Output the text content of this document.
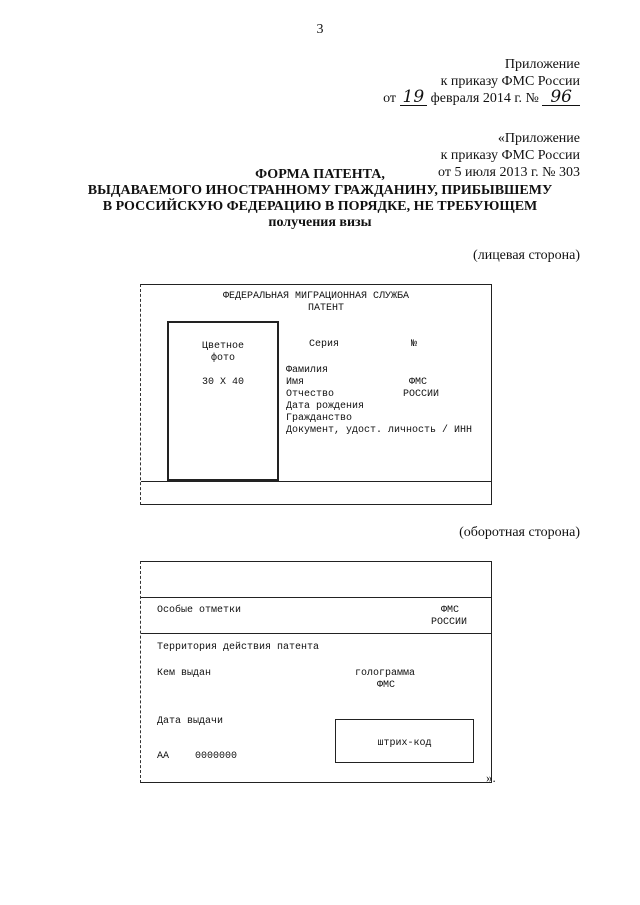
3
Приложение
к приказу ФМС России
от 19 февраля 2014 г. № 96
«Приложение
к приказу ФМС России
от 5 июля 2013 г. № 303
ФОРМА ПАТЕНТА,
ВЫДАВАЕМОГО ИНОСТРАННОМУ ГРАЖДАНИНУ, ПРИБЫВШЕМУ
В РОССИЙСКУЮ ФЕДЕРАЦИЮ В ПОРЯДКЕ, НЕ ТРЕБУЮЩЕМ
получения визы
(лицевая сторона)
ФЕДЕРАЛЬНАЯ МИГРАЦИОННАЯ СЛУЖБА
ПАТЕНТ
Цветное
фото
30 Х 40
Серия	№
Фамилия
Имя
Отчество
Дата рождения
Гражданство
Документ, удост. личность / ИНН
ФМС
РОССИИ
(оборотная сторона)
Особые отметки	ФМС
РОССИИ
Территория действия патента
Кем выдан	голограмма
ФМС
Дата выдачи
штрих-код
АА	0000000
».
